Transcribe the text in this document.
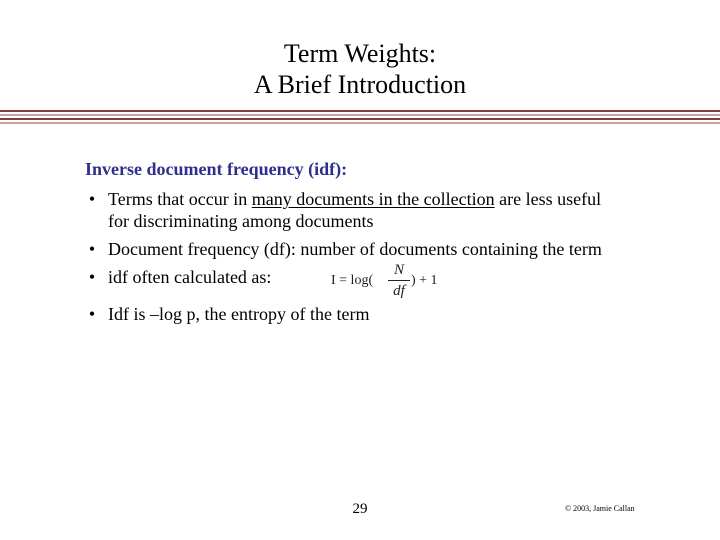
Term Weights:
A Brief Introduction
Inverse document frequency (idf):
• Terms that occur in many documents in the collection are less useful
for discriminating among documents
• Document frequency (df): number of documents containing the term
• idf often calculated as:	I = log(
N
df
) + 1
• Idf is –log p, the entropy of the term
29	© 2003, Jamie Callan
